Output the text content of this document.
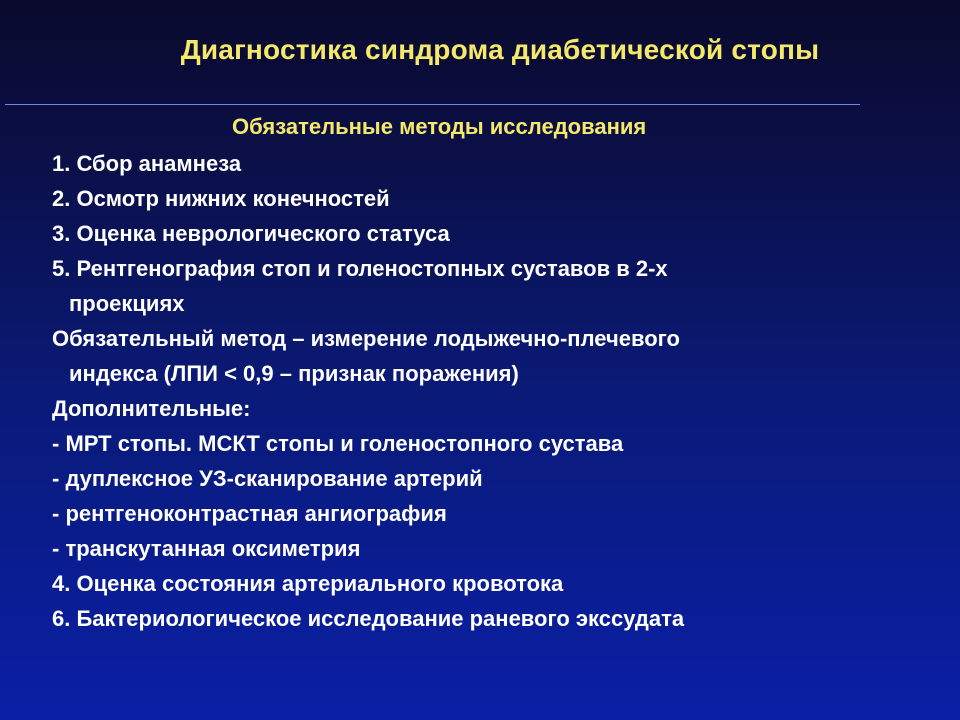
Диагностика синдрома диабетической стопы
Обязательные методы исследования
1. Сбор анамнеза
2. Осмотр нижних конечностей
3. Оценка неврологического статуса
5. Рентгенография стоп и голеностопных суставов в 2-х
проекциях
Обязательный метод – измерение лодыжечно-плечевого
индекса (ЛПИ < 0,9 – признак поражения)
Дополнительные:
- МРТ стопы. МСКТ стопы и голеностопного сустава
- дуплексное УЗ-сканирование артерий
- рентгеноконтрастная ангиография
- транскутанная оксиметрия
4. Оценка состояния артериального кровотока
6. Бактериологическое исследование раневого экссудата
